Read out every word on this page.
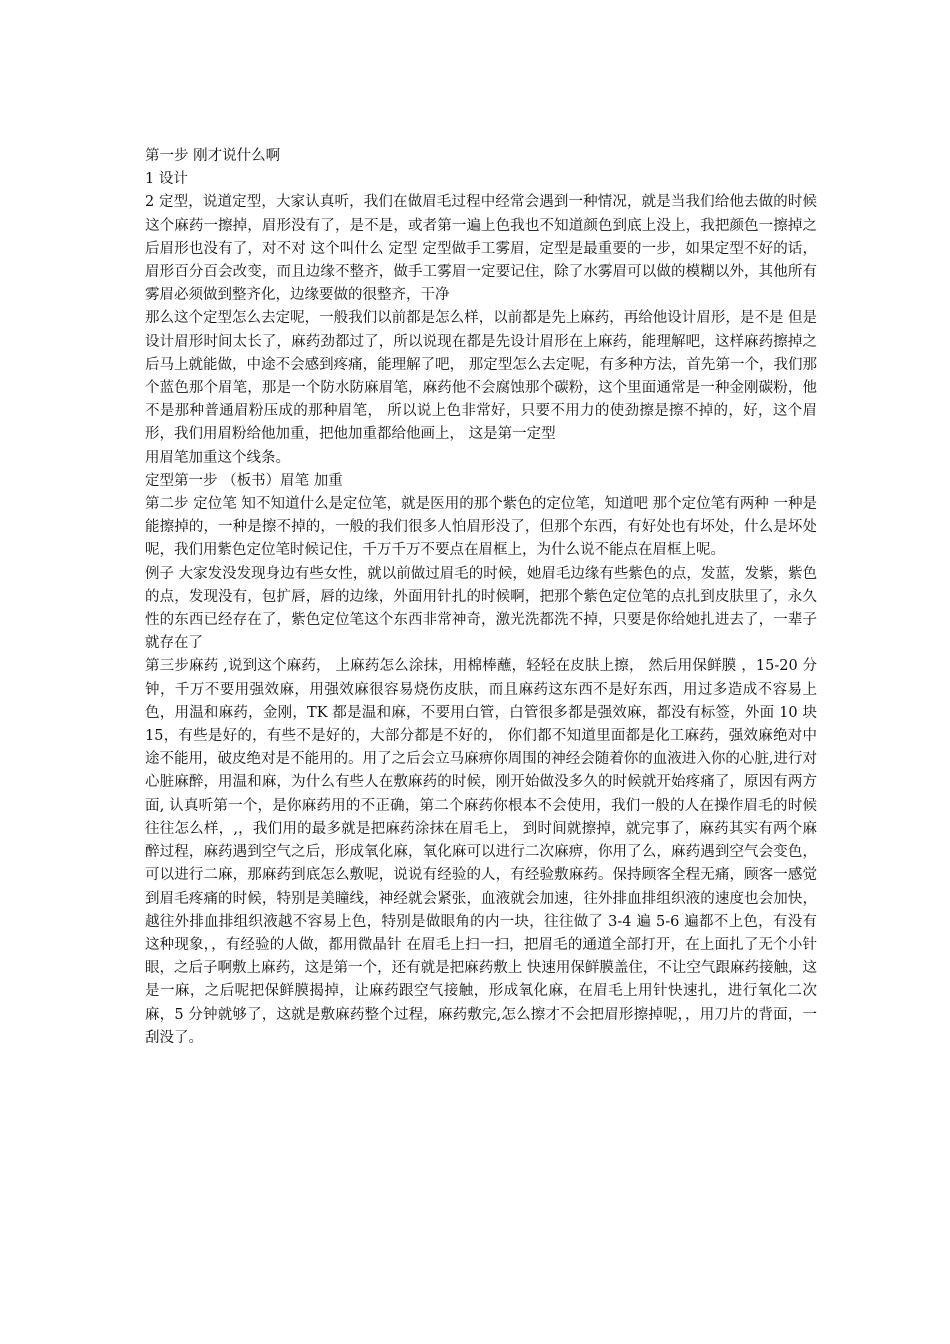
第一步 刚才说什么啊

1 设计

2 定型，说道定型，大家认真听，我们在做眉毛过程中经常会遇到一种情况，就是当我们给他去做的时候这个麻药一擦掉，眉形没有了，是不是，或者第一遍上色我也不知道颜色到底上没上，我把颜色一擦掉之后眉形也没有了，对不对 这个叫什么 定型 定型做手工雾眉，定型是最重要的一步，如果定型不好的话，眉形百分百会改变，而且边缘不整齐，做手工雾眉一定要记住，除了水雾眉可以做的模糊以外，其他所有雾眉必须做到整齐化，边缘要做的很整齐，干净

那么这个定型怎么去定呢，一般我们以前都是怎么样，以前都是先上麻药，再给他设计眉形，是不是 但是设计眉形时间太长了，麻药劲都过了，所以说现在都是先设计眉形在上麻药，能理解吧，这样麻药擦掉之后马上就能做，中途不会感到疼痛，能理解了吧， 那定型怎么去定呢，有多种方法，首先第一个，我们那个蓝色那个眉笔，那是一个防水防麻眉笔，麻药他不会腐蚀那个碳粉，这个里面通常是一种金刚碳粉，他不是那种普通眉粉压成的那种眉笔， 所以说上色非常好，只要不用力的使劲擦是擦不掉的，好，这个眉形，我们用眉粉给他加重，把他加重都给他画上， 这是第一定型

用眉笔加重这个线条。

定型第一步 （板书）眉笔 加重

第二步 定位笔 知不知道什么是定位笔，就是医用的那个紫色的定位笔，知道吧 那个定位笔有两种 一种是能擦掉的，一种是擦不掉的，一般的我们很多人怕眉形没了，但那个东西，有好处也有坏处，什么是坏处呢，我们用紫色定位笔时候记住，千万千万不要点在眉框上，为什么说不能点在眉框上呢。

例子 大家发没发现身边有些女性，就以前做过眉毛的时候，她眉毛边缘有些紫色的点，发蓝，发紫，紫色的点，发现没有，包扩唇，唇的边缘，外面用针扎的时候啊，把那个紫色定位笔的点扎到皮肤里了，永久性的东西已经存在了，紫色定位笔这个东西非常神奇，激光洗都洗不掉，只要是你给她扎进去了，一辈子就存在了

第三步麻药 ,说到这个麻药， 上麻药怎么涂抹，用棉棒蘸，轻轻在皮肤上擦， 然后用保鲜膜 ，15-20 分钟，千万不要用强效麻，用强效麻很容易烧伤皮肤，而且麻药这东西不是好东西，用过多造成不容易上色，用温和麻药，金刚，TK 都是温和麻，不要用白管，白管很多都是强效麻，都没有标签，外面 10 块 15，有些是好的，有些不是好的，大部分都是不好的， 你们都不知道里面都是化工麻药，强效麻绝对中途不能用，破皮绝对是不能用的。用了之后会立马麻痹你周围的神经会随着你的血液进入你的心脏,进行对心脏麻醉，用温和麻，为什么有些人在敷麻药的时候，刚开始做没多久的时候就开始疼痛了，原因有两方面, 认真听第一个，是你麻药用的不正确，第二个麻药你根本不会使用，我们一般的人在操作眉毛的时候往往怎么样，,，我们用的最多就是把麻药涂抹在眉毛上， 到时间就擦掉，就完事了，麻药其实有两个麻醉过程，麻药遇到空气之后，形成氧化麻，氧化麻可以进行二次麻痹，你用了么，麻药遇到空气会变色，可以进行二麻，那麻药到底怎么敷呢，说说有经验的人，有经验敷麻药。保持顾客全程无痛，顾客一感觉到眉毛疼痛的时候，特别是美瞳线，神经就会紧张，血液就会加速，往外排血排组织液的速度也会加快， 越往外排血排组织液越不容易上色，特别是做眼角的内一块，往往做了 3-4 遍 5-6 遍都不上色，有没有这种现象，，有经验的人做，都用微晶针 在眉毛上扫一扫，把眉毛的通道全部打开，在上面扎了无个小针眼，之后子啊敷上麻药，这是第一个，还有就是把麻药敷上 快速用保鲜膜盖住，不让空气跟麻药接触，这是一麻，之后呢把保鲜膜揭掉，让麻药跟空气接触，形成氧化麻，在眉毛上用针快速扎，进行氧化二次麻，5 分钟就够了，这就是敷麻药整个过程，麻药敷完,怎么擦才不会把眉形擦掉呢，，用刀片的背面，一刮没了。
